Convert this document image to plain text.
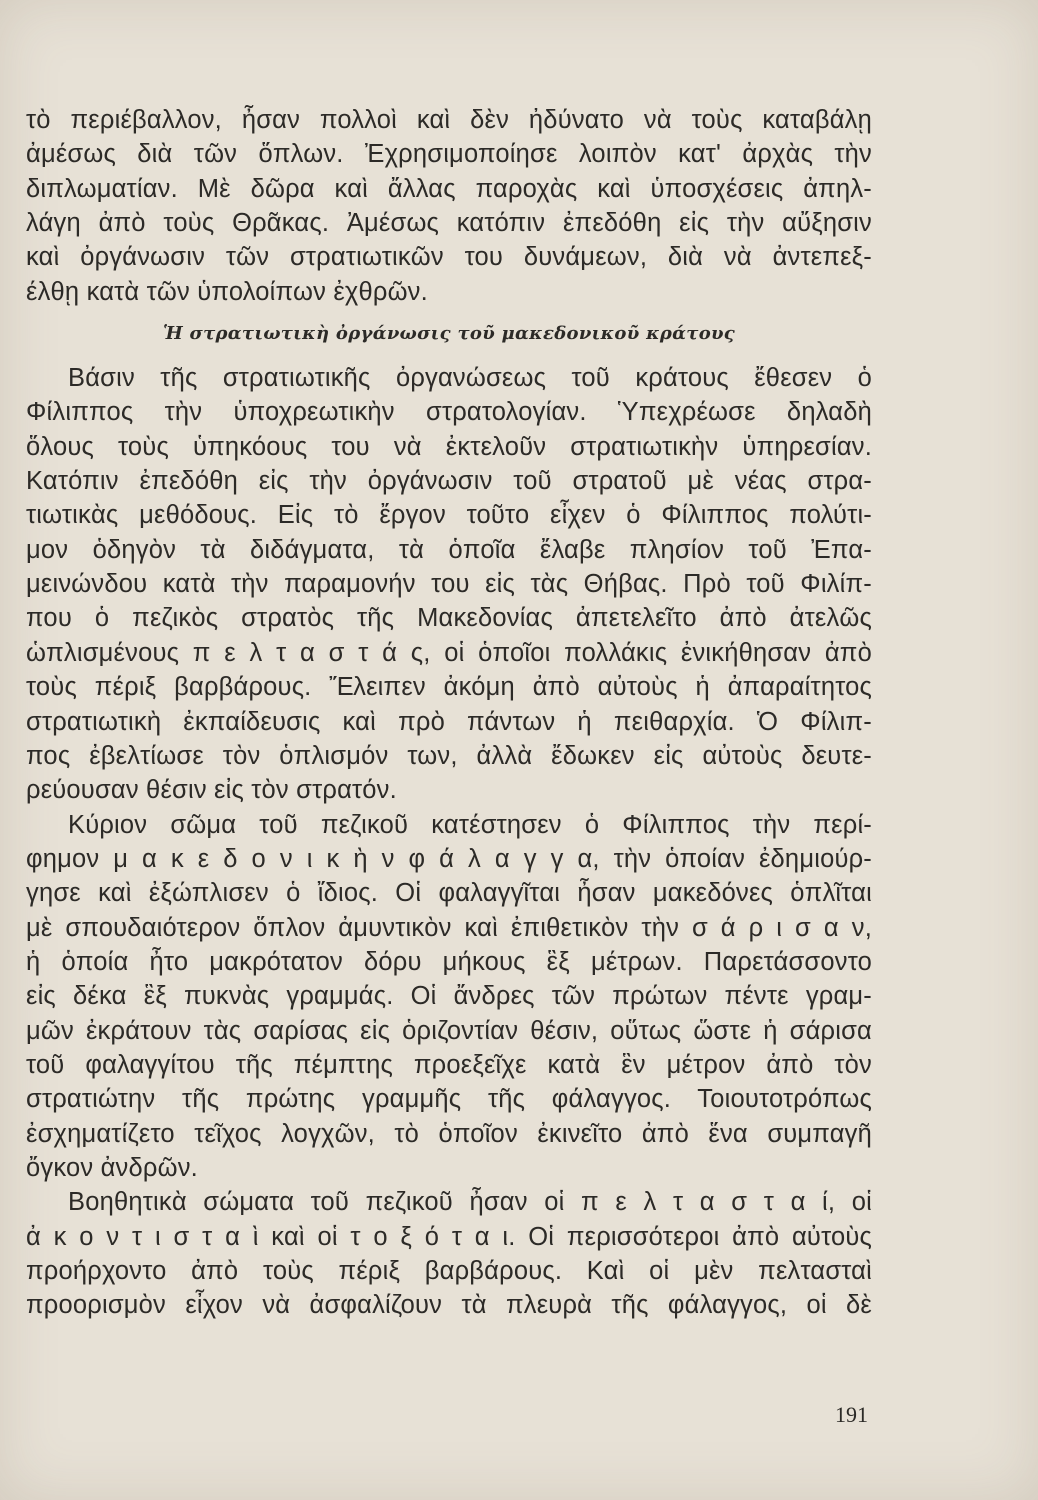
τὸ περιέβαλλον, ἦσαν πολλοὶ καὶ δὲν ἠδύνατο νὰ τοὺς καταβάλῃ
ἀμέσως διὰ τῶν ὅπλων. Ἐχρησιμοποίησε λοιπὸν κατ' ἀρχὰς τὴν
διπλωματίαν. Μὲ δῶρα καὶ ἄλλας παροχὰς καὶ ὑποσχέσεις ἀπηλ-
λάγη ἀπὸ τοὺς Θρᾶκας. Ἀμέσως κατόπιν ἐπεδόθη εἰς τὴν αὔξησιν
καὶ ὀργάνωσιν τῶν στρατιωτικῶν του δυνάμεων, διὰ νὰ ἀντεπεξ-
έλθῃ κατὰ τῶν ὑπολοίπων ἐχθρῶν.
Ἡ στρατιωτικὴ ὀργάνωσις τοῦ μακεδονικοῦ κράτους
Βάσιν τῆς στρατιωτικῆς ὀργανώσεως τοῦ κράτους ἔθεσεν ὁ
Φίλιππος τὴν ὑποχρεωτικὴν στρατολογίαν. Ὑπεχρέωσε δηλαδὴ
ὅλους τοὺς ὑπηκόους του νὰ ἐκτελοῦν στρατιωτικὴν ὑπηρεσίαν.
Κατόπιν ἐπεδόθη εἰς τὴν ὀργάνωσιν τοῦ στρατοῦ μὲ νέας στρα-
τιωτικὰς μεθόδους. Εἰς τὸ ἔργον τοῦτο εἶχεν ὁ Φίλιππος πολύτι-
μον ὁδηγὸν τὰ διδάγματα, τὰ ὁποῖα ἔλαβε πλησίον τοῦ Ἐπα-
μεινώνδου κατὰ τὴν παραμονήν του εἰς τὰς Θήβας. Πρὸ τοῦ Φιλίπ-
που ὁ πεζικὸς στρατὸς τῆς Μακεδονίας ἀπετελεῖτο ἀπὸ ἀτελῶς
ὡπλισμένους π ε λ τ α σ τ ά ς, οἱ ὁποῖοι πολλάκις ἐνικήθησαν ἀπὸ
τοὺς πέριξ βαρβάρους. Ἔλειπεν ἀκόμη ἀπὸ αὐτοὺς ἡ ἀπαραίτητος
στρατιωτικὴ ἐκπαίδευσις καὶ πρὸ πάντων ἡ πειθαρχία. Ὁ Φίλιπ-
πος ἐβελτίωσε τὸν ὁπλισμόν των, ἀλλὰ ἔδωκεν εἰς αὐτοὺς δευτε-
ρεύουσαν θέσιν εἰς τὸν στρατόν.
Κύριον σῶμα τοῦ πεζικοῦ κατέστησεν ὁ Φίλιππος τὴν περί-
φημον μ α κ ε δ ο ν ι κ ὴ ν φ ά λ α γ γ α, τὴν ὁποίαν ἐδημιούρ-
γησε καὶ ἐξώπλισεν ὁ ἴδιος. Οἱ φαλαγγῖται ἦσαν μακεδόνες ὁπλῖται
μὲ σπουδαιότερον ὅπλον ἀμυντικὸν καὶ ἐπιθετικὸν τὴν σ ά ρ ι σ α ν,
ἡ ὁποία ἦτο μακρότατον δόρυ μήκους ἓξ μέτρων. Παρετάσσοντο
εἰς δέκα ἓξ πυκνὰς γραμμάς. Οἱ ἄνδρες τῶν πρώτων πέντε γραμ-
μῶν ἐκράτουν τὰς σαρίσας εἰς ὁριζοντίαν θέσιν, οὕτως ὥστε ἡ σάρισα
τοῦ φαλαγγίτου τῆς πέμπτης προεξεῖχε κατὰ ἓν μέτρον ἀπὸ τὸν
στρατιώτην τῆς πρώτης γραμμῆς τῆς φάλαγγος. Τοιουτοτρόπως
ἐσχηματίζετο τεῖχος λογχῶν, τὸ ὁποῖον ἐκινεῖτο ἀπὸ ἕνα συμπαγῆ
ὄγκον ἀνδρῶν.
Βοηθητικὰ σώματα τοῦ πεζικοῦ ἦσαν οἱ π ε λ τ α σ τ α ί, οἱ
ἀ κ ο ν τ ι σ τ α ὶ καὶ οἱ τ ο ξ ό τ α ι. Οἱ περισσότεροι ἀπὸ αὐτοὺς
προήρχοντο ἀπὸ τοὺς πέριξ βαρβάρους. Καὶ οἱ μὲν πελτασταὶ
προορισμὸν εἶχον νὰ ἀσφαλίζουν τὰ πλευρὰ τῆς φάλαγγος, οἱ δὲ
191
